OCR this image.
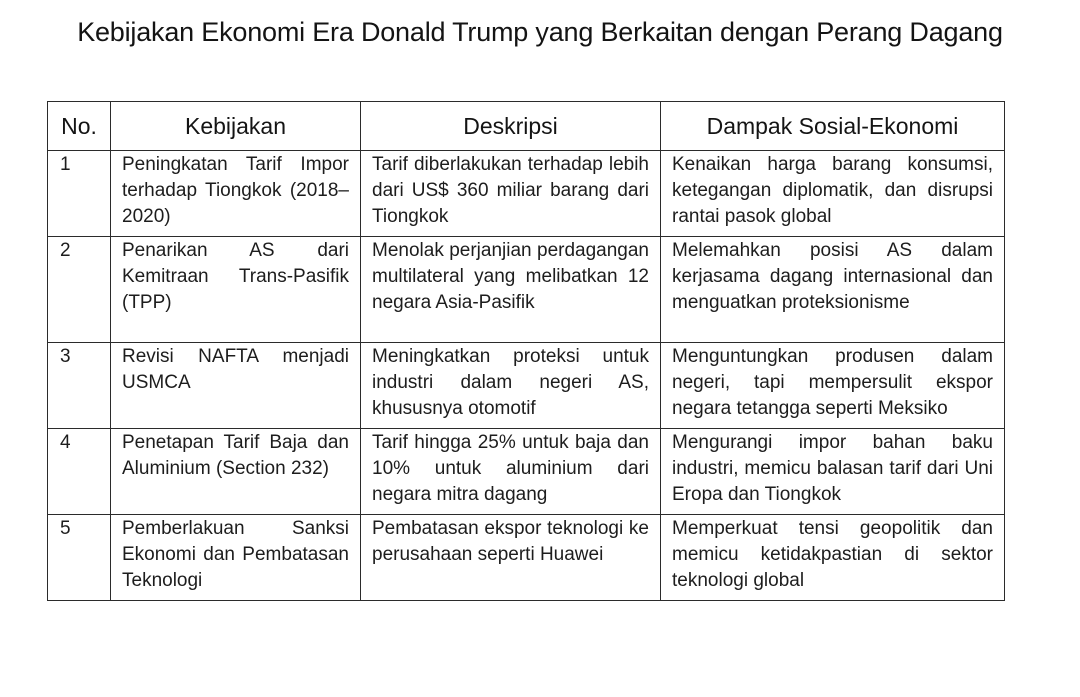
Kebijakan Ekonomi Era Donald Trump yang Berkaitan dengan Perang Dagang
No.	Kebijakan	Deskripsi	Dampak Sosial-Ekonomi
1	Peningkatan Tarif Impor terhadap Tiongkok (2018–2020)	Tarif diberlakukan terhadap lebih dari US$ 360 miliar barang dari Tiongkok	Kenaikan harga barang konsumsi, ketegangan diplomatik, dan disrupsi rantai pasok global
2	Penarikan AS dari Kemitraan Trans-Pasifik (TPP)	Menolak perjanjian perdagangan multilateral yang melibatkan 12 negara Asia-Pasifik	Melemahkan posisi AS dalam kerjasama dagang internasional dan menguatkan proteksionisme
3	Revisi NAFTA menjadi USMCA	Meningkatkan proteksi untuk industri dalam negeri AS, khususnya otomotif	Menguntungkan produsen dalam negeri, tapi mempersulit ekspor negara tetangga seperti Meksiko
4	Penetapan Tarif Baja dan Aluminium (Section 232)	Tarif hingga 25% untuk baja dan 10% untuk aluminium dari negara mitra dagang	Mengurangi impor bahan baku industri, memicu balasan tarif dari Uni Eropa dan Tiongkok
5	Pemberlakuan Sanksi Ekonomi dan Pembatasan Teknologi	Pembatasan ekspor teknologi ke perusahaan seperti Huawei	Memperkuat tensi geopolitik dan memicu ketidakpastian di sektor teknologi global
